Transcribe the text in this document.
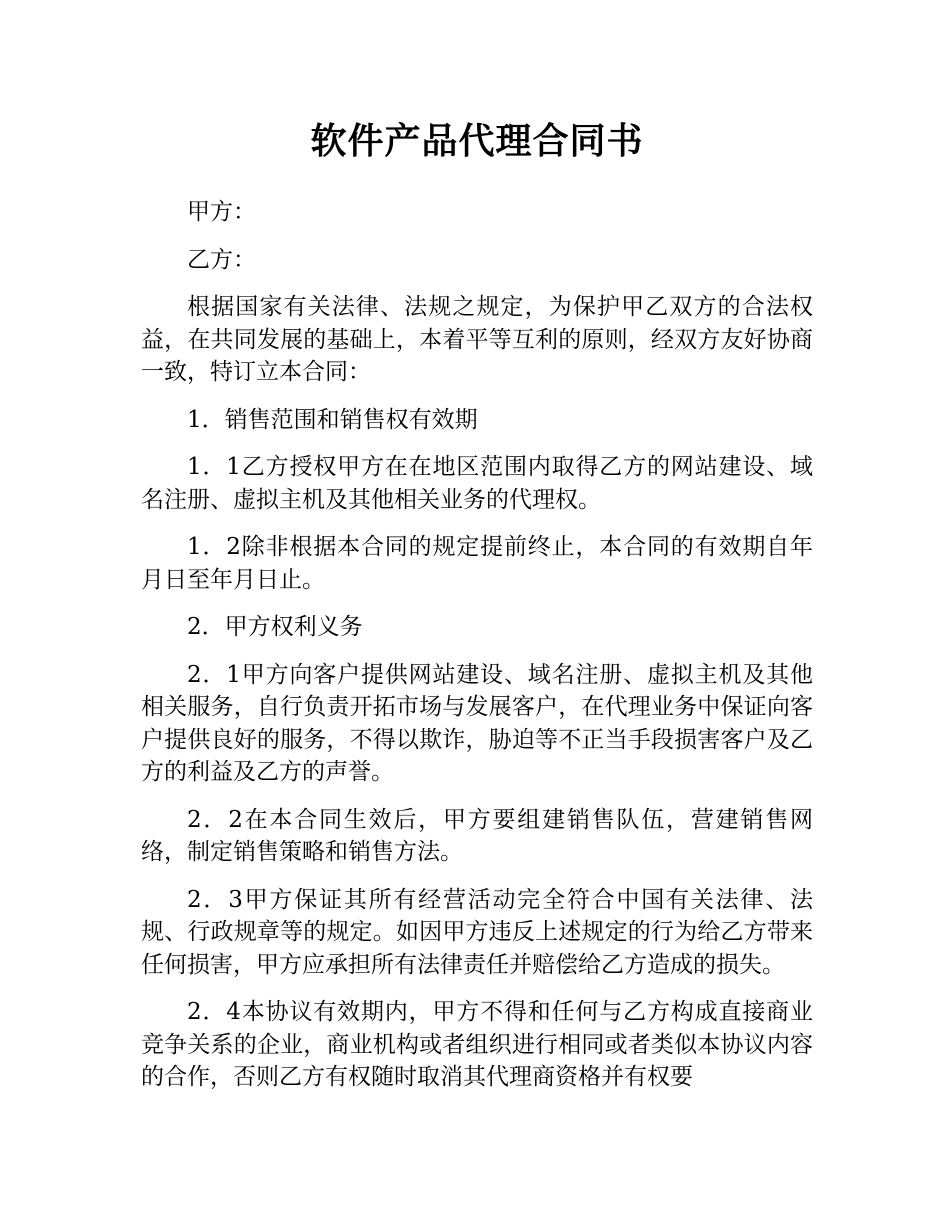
软件产品代理合同书

甲方：

乙方：

根据国家有关法律、法规之规定，为保护甲乙双方的合法权益，在共同发展的基础上，本着平等互利的原则，经双方友好协商一致，特订立本合同：

1．销售范围和销售权有效期

1．1乙方授权甲方在在地区范围内取得乙方的网站建设、域名注册、虚拟主机及其他相关业务的代理权。

1．2除非根据本合同的规定提前终止，本合同的有效期自年月日至年月日止。

2．甲方权利义务

2．1甲方向客户提供网站建设、域名注册、虚拟主机及其他相关服务，自行负责开拓市场与发展客户，在代理业务中保证向客户提供良好的服务，不得以欺诈，胁迫等不正当手段损害客户及乙方的利益及乙方的声誉。

2．2在本合同生效后，甲方要组建销售队伍，营建销售网络，制定销售策略和销售方法。

2．3甲方保证其所有经营活动完全符合中国有关法律、法规、行政规章等的规定。如因甲方违反上述规定的行为给乙方带来任何损害，甲方应承担所有法律责任并赔偿给乙方造成的损失。

2．4本协议有效期内，甲方不得和任何与乙方构成直接商业竞争关系的企业，商业机构或者组织进行相同或者类似本协议内容的合作，否则乙方有权随时取消其代理商资格并有权要
